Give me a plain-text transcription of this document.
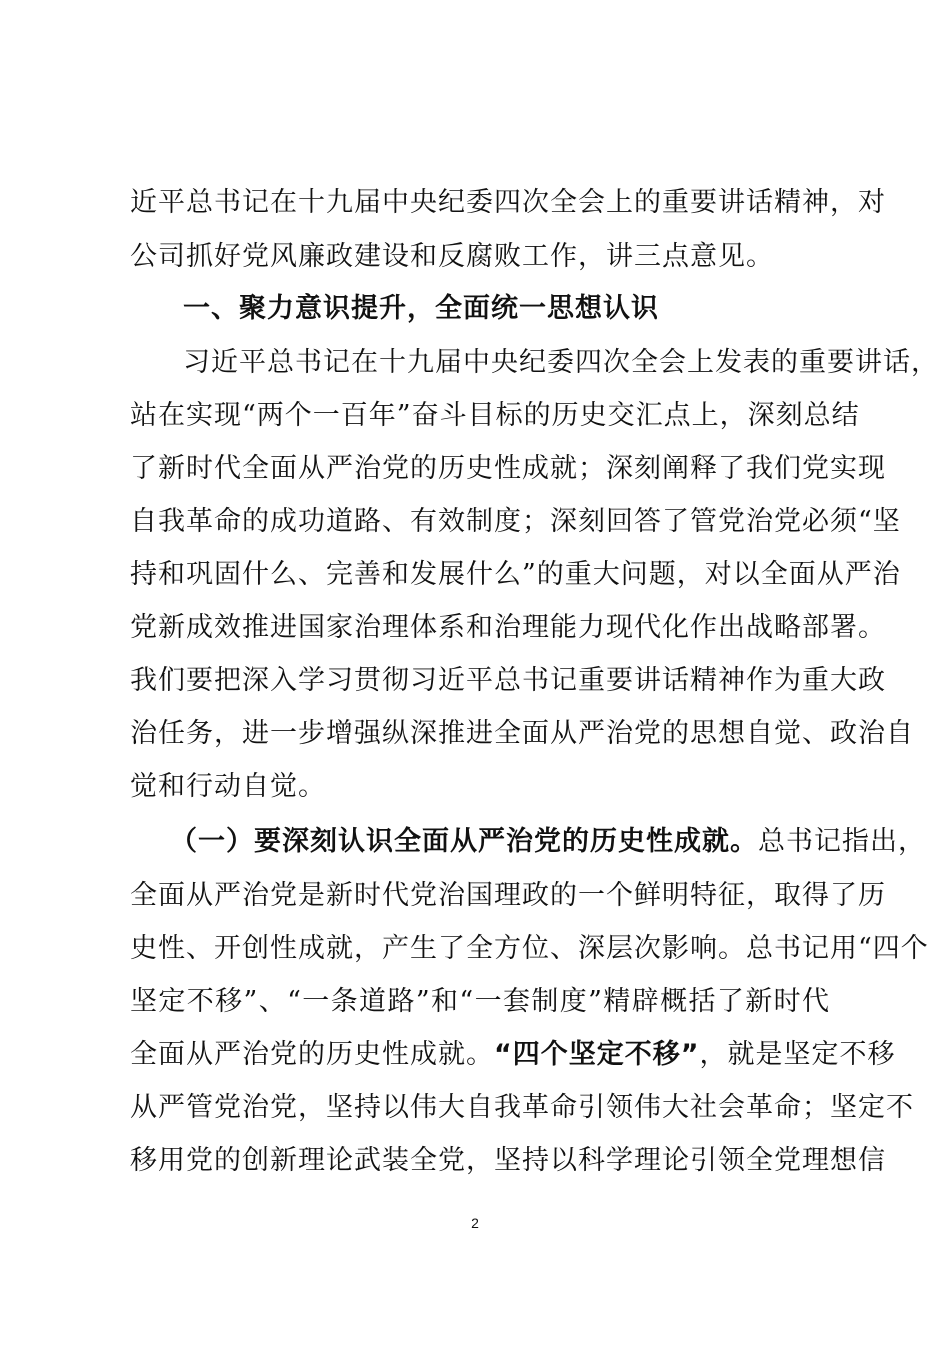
近平总书记在十九届中央纪委四次全会上的重要讲话精神，对
公司抓好党风廉政建设和反腐败工作，讲三点意见。
一、聚力意识提升，全面统一思想认识
习近平总书记在十九届中央纪委四次全会上发表的重要讲话，
站在实现“两个一百年”奋斗目标的历史交汇点上，深刻总结
了新时代全面从严治党的历史性成就；深刻阐释了我们党实现
自我革命的成功道路、有效制度；深刻回答了管党治党必须“坚
持和巩固什么、完善和发展什么”的重大问题，对以全面从严治
党新成效推进国家治理体系和治理能力现代化作出战略部署。
我们要把深入学习贯彻习近平总书记重要讲话精神作为重大政
治任务，进一步增强纵深推进全面从严治党的思想自觉、政治自
觉和行动自觉。
（一）要深刻认识全面从严治党的历史性成就。总书记指出，
全面从严治党是新时代党治国理政的一个鲜明特征，取得了历
史性、开创性成就，产生了全方位、深层次影响。总书记用“四个
坚定不移”、“一条道路”和“一套制度”精辟概括了新时代
全面从严治党的历史性成就。“四个坚定不移”，就是坚定不移
从严管党治党，坚持以伟大自我革命引领伟大社会革命；坚定不
移用党的创新理论武装全党，坚持以科学理论引领全党理想信
2
